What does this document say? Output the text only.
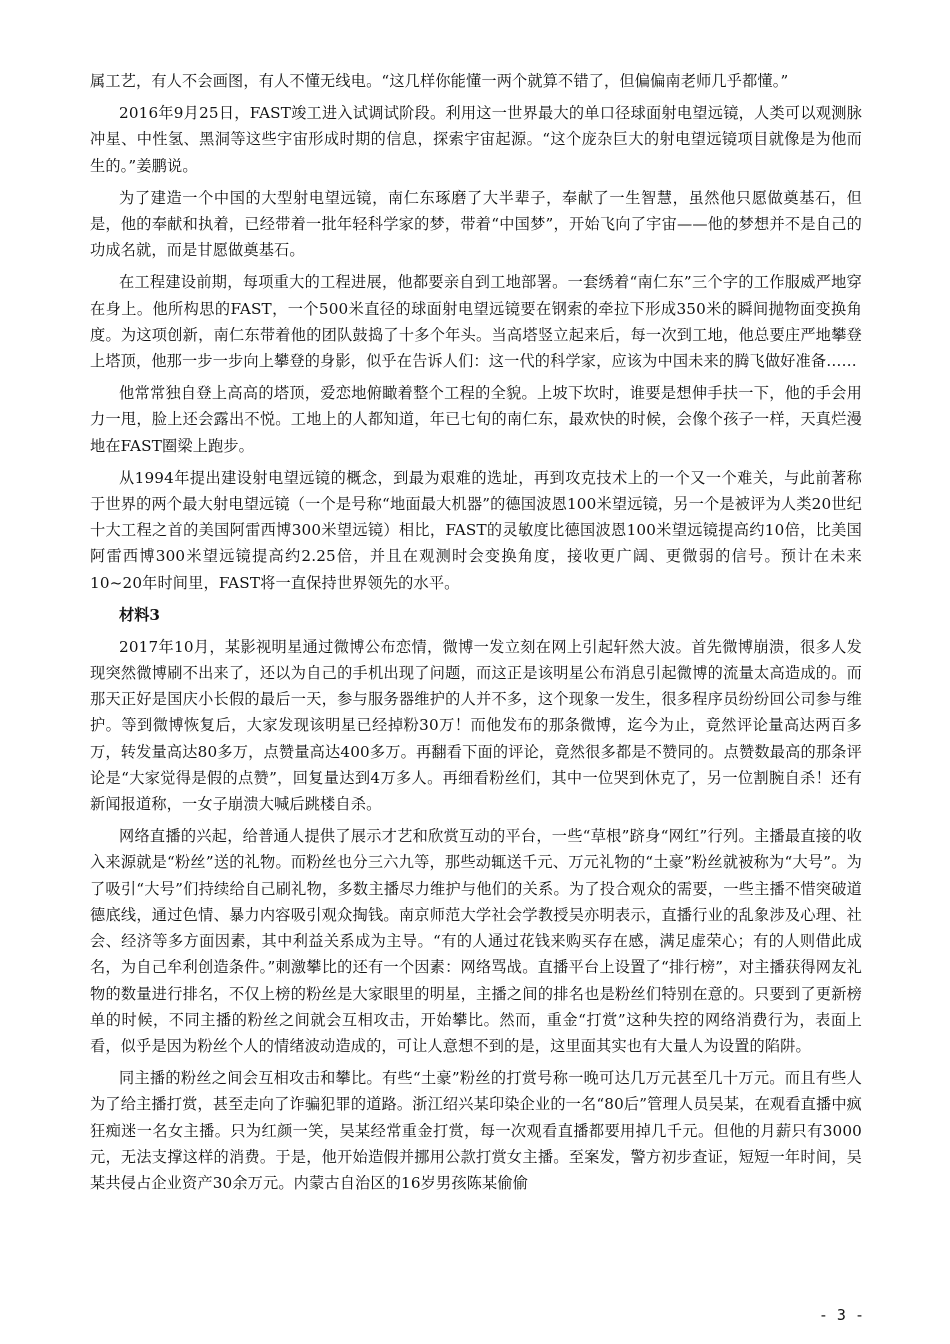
属工艺，有人不会画图，有人不懂无线电。“这几样你能懂一两个就算不错了，但偏偏南老师几乎都懂。”

2016年9月25日，FAST竣工进入试调试阶段。利用这一世界最大的单口径球面射电望远镜，人类可以观测脉冲星、中性氢、黑洞等这些宇宙形成时期的信息，探索宇宙起源。“这个庞杂巨大的射电望远镜项目就像是为他而生的。”姜鹏说。

为了建造一个中国的大型射电望远镜，南仁东琢磨了大半辈子，奉献了一生智慧，虽然他只愿做奠基石，但是，他的奉献和执着，已经带着一批年轻科学家的梦，带着“中国梦”，开始飞向了宇宙——他的梦想并不是自己的功成名就，而是甘愿做奠基石。

在工程建设前期，每项重大的工程进展，他都要亲自到工地部署。一套绣着“南仁东”三个字的工作服威严地穿在身上。他所构思的FAST，一个500米直径的球面射电望远镜要在钢索的牵拉下形成350米的瞬间抛物面变换角度。为这项创新，南仁东带着他的团队鼓捣了十多个年头。当高塔竖立起来后，每一次到工地，他总要庄严地攀登上塔顶，他那一步一步向上攀登的身影，似乎在告诉人们：这一代的科学家，应该为中国未来的腾飞做好准备……

他常常独自登上高高的塔顶，爱恋地俯瞰着整个工程的全貌。上坡下坎时，谁要是想伸手扶一下，他的手会用力一甩，脸上还会露出不悦。工地上的人都知道，年已七旬的南仁东，最欢快的时候，会像个孩子一样，天真烂漫地在FAST圈梁上跑步。

从1994年提出建设射电望远镜的概念，到最为艰难的选址，再到攻克技术上的一个又一个难关，与此前著称于世界的两个最大射电望远镜（一个是号称“地面最大机器”的德国波恩100米望远镜，另一个是被评为人类20世纪十大工程之首的美国阿雷西博300米望远镜）相比，FAST的灵敏度比德国波恩100米望远镜提高约10倍，比美国阿雷西博300米望远镜提高约2.25倍，并且在观测时会变换角度，接收更广阔、更微弱的信号。预计在未来10~20年时间里，FAST将一直保持世界领先的水平。

材料3

2017年10月，某影视明星通过微博公布恋情，微博一发立刻在网上引起轩然大波。首先微博崩溃，很多人发现突然微博刷不出来了，还以为自己的手机出现了问题，而这正是该明星公布消息引起微博的流量太高造成的。而那天正好是国庆小长假的最后一天，参与服务器维护的人并不多，这个现象一发生，很多程序员纷纷回公司参与维护。等到微博恢复后，大家发现该明星已经掉粉30万！而他发布的那条微博，迄今为止，竟然评论量高达两百多万，转发量高达80多万，点赞量高达400多万。再翻看下面的评论，竟然很多都是不赞同的。点赞数最高的那条评论是“大家觉得是假的点赞”，回复量达到4万多人。再细看粉丝们，其中一位哭到休克了，另一位割腕自杀！还有新闻报道称，一女子崩溃大喊后跳楼自杀。

网络直播的兴起，给普通人提供了展示才艺和欣赏互动的平台，一些“草根”跻身“网红”行列。主播最直接的收入来源就是“粉丝”送的礼物。而粉丝也分三六九等，那些动辄送千元、万元礼物的“土豪”粉丝就被称为“大号”。为了吸引“大号”们持续给自己刷礼物，多数主播尽力维护与他们的关系。为了投合观众的需要，一些主播不惜突破道德底线，通过色情、暴力内容吸引观众掏钱。南京师范大学社会学教授吴亦明表示，直播行业的乱象涉及心理、社会、经济等多方面因素，其中利益关系成为主导。“有的人通过花钱来购买存在感，满足虚荣心；有的人则借此成名，为自己牟利创造条件。”刺激攀比的还有一个因素：网络骂战。直播平台上设置了“排行榜”，对主播获得网友礼物的数量进行排名，不仅上榜的粉丝是大家眼里的明星，主播之间的排名也是粉丝们特别在意的。只要到了更新榜单的时候，不同主播的粉丝之间就会互相攻击，开始攀比。然而，重金“打赏”这种失控的网络消费行为，表面上看，似乎是因为粉丝个人的情绪波动造成的，可让人意想不到的是，这里面其实也有大量人为设置的陷阱。

同主播的粉丝之间会互相攻击和攀比。有些“土豪”粉丝的打赏号称一晚可达几万元甚至几十万元。而且有些人为了给主播打赏，甚至走向了诈骗犯罪的道路。浙江绍兴某印染企业的一名“80后”管理人员吴某，在观看直播中疯狂痴迷一名女主播。只为红颜一笑，吴某经常重金打赏，每一次观看直播都要用掉几千元。但他的月薪只有3000元，无法支撑这样的消费。于是，他开始造假并挪用公款打赏女主播。至案发，警方初步查证，短短一年时间，吴某共侵占企业资产30余万元。内蒙古自治区的16岁男孩陈某偷偷

- 3 -
